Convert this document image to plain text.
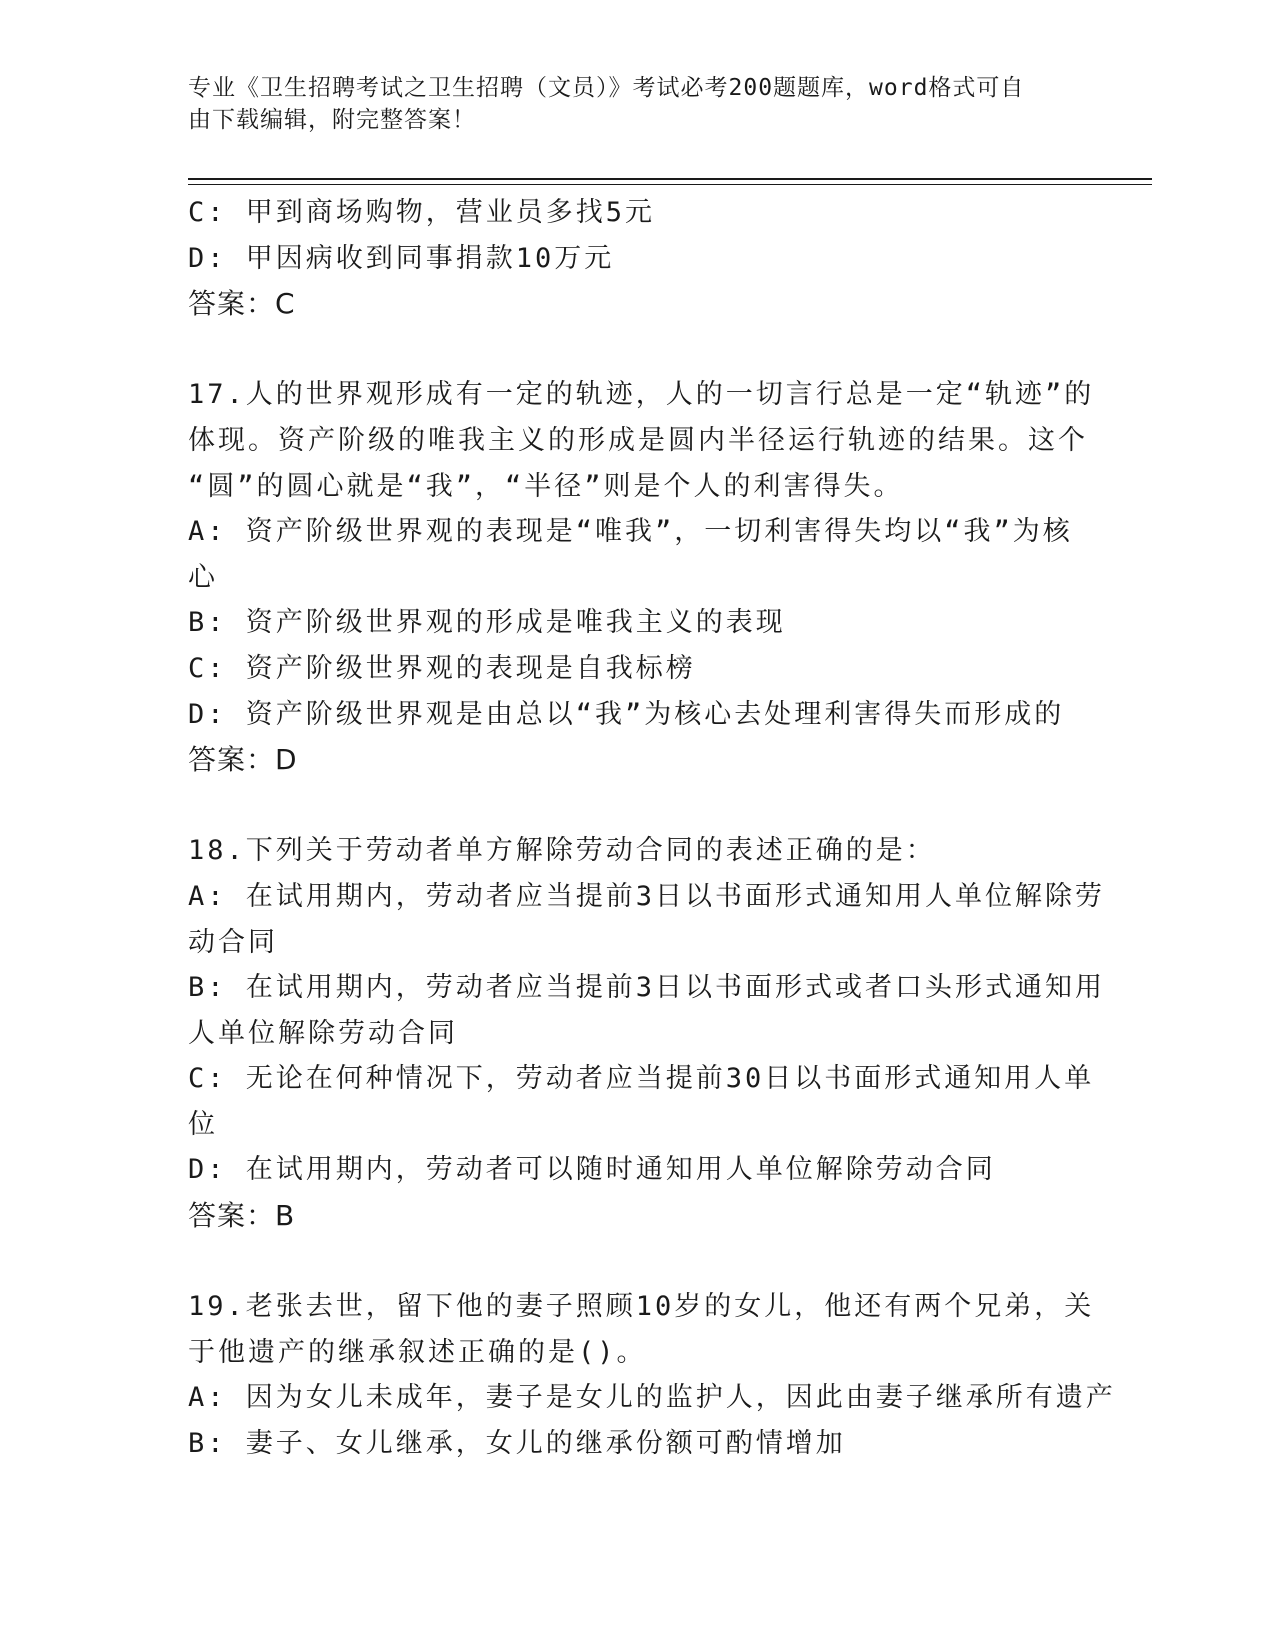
专业《卫生招聘考试之卫生招聘（文员）》考试必考200题题库，word格式可自
由下载编辑，附完整答案！
C: 甲到商场购物，营业员多找5元
D: 甲因病收到同事捐款10万元
答案：C
17.人的世界观形成有一定的轨迹，人的一切言行总是一定“轨迹”的
体现。资产阶级的唯我主义的形成是圆内半径运行轨迹的结果。这个
“圆”的圆心就是“我”，“半径”则是个人的利害得失。
A: 资产阶级世界观的表现是“唯我”，一切利害得失均以“我”为核
心
B: 资产阶级世界观的形成是唯我主义的表现
C: 资产阶级世界观的表现是自我标榜
D: 资产阶级世界观是由总以“我”为核心去处理利害得失而形成的
答案：D
18.下列关于劳动者单方解除劳动合同的表述正确的是：
A: 在试用期内，劳动者应当提前3日以书面形式通知用人单位解除劳
动合同
B: 在试用期内，劳动者应当提前3日以书面形式或者口头形式通知用
人单位解除劳动合同
C: 无论在何种情况下，劳动者应当提前30日以书面形式通知用人单
位
D: 在试用期内，劳动者可以随时通知用人单位解除劳动合同
答案：B
19.老张去世，留下他的妻子照顾10岁的女儿，他还有两个兄弟，关
于他遗产的继承叙述正确的是()。
A: 因为女儿未成年，妻子是女儿的监护人，因此由妻子继承所有遗产
B: 妻子、女儿继承，女儿的继承份额可酌情增加
